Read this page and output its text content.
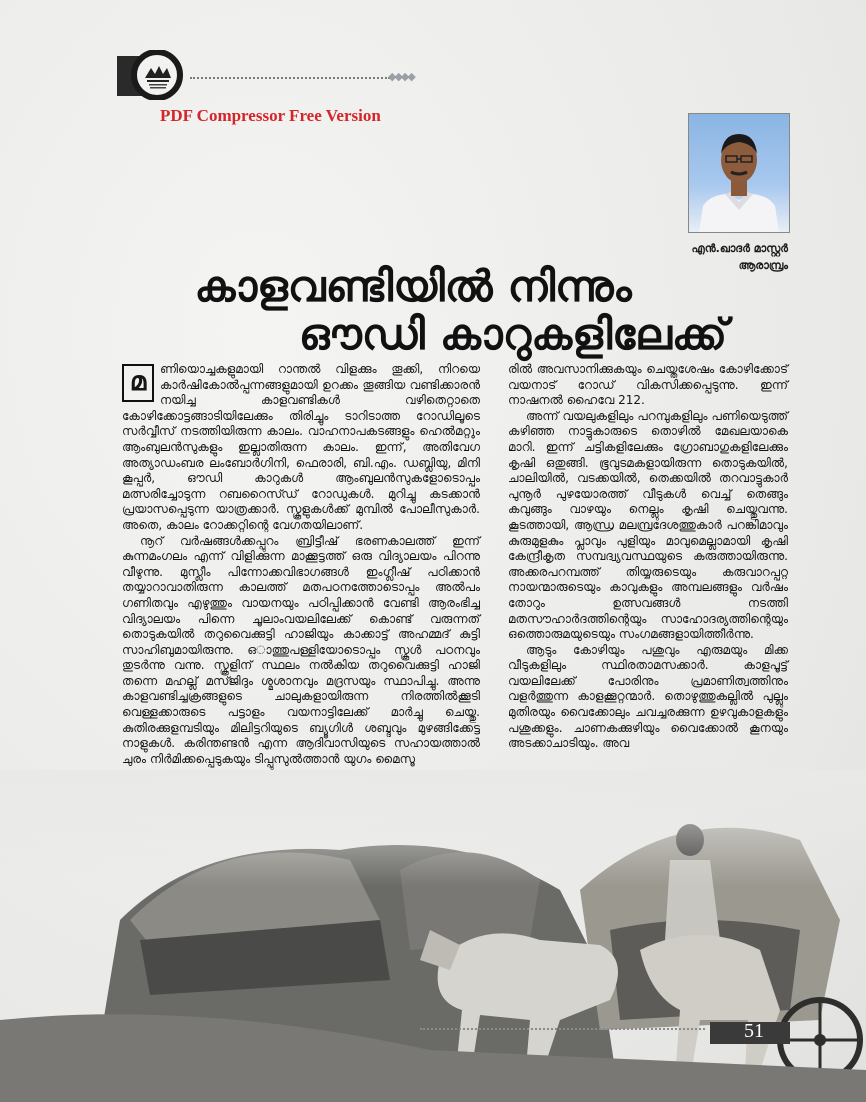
◆◆◆◆
PDF Compressor Free Version
എൻ.ഖാദർ മാസ്റ്റർ
ആരാമ്പ്രം
കാളവണ്ടിയിൽ നിന്നും
ഔഡി കാറുകളിലേക്ക്
മ	ണിയൊച്ചകളുമായി റാന്തൽ വിളക്കും തൂക്കി, നിറയെ കാർഷികോൽപ്പന്നങ്ങളുമായി ഉറക്കം തൂങ്ങിയ വണ്ടിക്കാരൻ നയിച്ച കാളവണ്ടികൾ വഴിതെറ്റാതെ കോഴിക്കോട്ടങ്ങാടിയിലേക്കും തിരിച്ചും ടാറിടാത്ത റോഡിലൂടെ സർവ്വീസ് നടത്തിയിരുന്ന കാലം. വാഹനാപകടങ്ങളും ഹെൽമറ്റും ആംബുലൻസുകളും ഇല്ലാതിരുന്ന കാലം. ഇന്ന്, അതിവേഗ അത്യാഡംബര ലംബോർഗിനി, ഫെരാരി, ബി.എം. ഡബ്ലിയു, മിനി കൂപ്പർ, ഔഡി കാറുകൾ ആംബുലൻസുകളോടൊപ്പം മത്സരിച്ചോടുന്ന റബറൈസ്ഡ് റോഡുകൾ. മുറിച്ചു കടക്കാൻ പ്രയാസപ്പെടുന്ന യാത്രക്കാർ. സ്കൂളുകൾക്ക് മുമ്പിൽ പോലീസുകാർ. അതെ, കാലം റോക്കറ്റിന്റെ വേഗതയിലാണ്.

നൂറ് വർഷങ്ങൾക്കപ്പുറം ബ്രിട്ടീഷ് ഭരണകാലത്ത് ഇന്ന് കുന്നമംഗലം എന്ന് വിളിക്കുന്ന മാക്കൂട്ടത്ത് ഒരു വിദ്യാലയം പിറന്നു വീഴുന്നു. മുസ്ലീം പിന്നോക്കവിഭാഗങ്ങൾ ഇംഗ്ലീഷ് പഠിക്കാൻ തയ്യാറാവാതിരുന്ന കാലത്ത് മതപഠനത്തോടൊപ്പം അൽപം ഗണിതവും എഴുത്തും വായനയും പഠിപ്പിക്കാൻ വേണ്ടി ആരംഭിച്ച വിദ്യാലയം പിന്നെ ചൂലാംവയലിലേക്ക് കൊണ്ട് വരുന്നത് തൊടുകയിൽ തറുവൈക്കുട്ടി ഹാജിയും കാക്കാട്ട് അഹമ്മദ് കുട്ടി സാഹിബുമായിരുന്നു. ഒാത്തുപള്ളിയോടൊപ്പം സ്കൂൾ പഠനവും തുടർന്നു വന്നു. സ്കൂളിന് സ്ഥലം നൽകിയ തറുവൈക്കുട്ടി ഹാജി തന്നെ മഹല്ല് മസ്ജിദും ശ്മശാനവും മദ്രസയും സ്ഥാപിച്ചു. അന്നു കാളവണ്ടിച്ചക്രങ്ങളുടെ ചാലുകളായിരുന്ന നിരത്തിൽക്കൂടി വെള്ളക്കാരുടെ പട്ടാളം വയനാട്ടിലേക്ക് മാർച്ചു ചെയ്തു. കുതിരക്കുളമ്പടിയും മിലിട്ടറിയുടെ ബ്യൂഗിൾ ശബ്ദവും മുഴങ്ങിക്കേട്ട നാളുകൾ. കരിന്തണ്ടൻ എന്ന ആദിവാസിയുടെ സഹായത്താൽ ചുരം നിർമിക്കപ്പെടുകയും ടിപ്പുസുൽത്താൻ യുഗം മൈസൂ

രിൽ അവസാനിക്കുകയും ചെയ്തശേഷം കോഴിക്കോട് വയനാട് റോഡ് വികസിക്കപ്പെടുന്നു. ഇന്ന് നാഷനൽ ഹൈവേ 212.

അന്ന് വയലുകളിലും പറമ്പുകളിലും പണിയെടുത്ത് കഴിഞ്ഞ നാട്ടുകാരുടെ തൊഴിൽ മേഖലയാകെ മാറി. ഇന്ന് ചട്ടികളിലേക്കും ഗ്രോബാഗുകളിലേക്കും കൃഷി ഒതുങ്ങി. ഭൂവുടമകളായിരുന്ന തൊടുകയിൽ, ചാലിയിൽ, വടക്കയിൽ, തെക്കയിൽ തറവാട്ടുകാർ പുനൂർ പുഴയോരത്ത് വീടുകൾ വെച്ച് തെങ്ങും കവുങ്ങും വാഴയും നെല്ലും കൃഷി ചെയ്തുവന്നു. കൂടത്തായി, ആന്ധ്ര മലമ്പ്രദേശത്തുകാർ പറങ്കിമാവും കുരുമുളകും പ്ലാവും പുളിയും മാവുമെല്ലാമായി കൃഷി കേന്ദ്രീകൃത സമ്പദ്വ്യവസ്ഥയുടെ കരുത്തായിരുന്നു. അക്കരപറമ്പത്ത് തിയ്യരുടെയും കരുവാറപ്പറ്റ നായന്മാരുടെയും കാവുകളും അമ്പലങ്ങളും വർഷം തോറും ഉത്സവങ്ങൾ നടത്തി മതസൗഹാർദത്തിന്റെയും സാഹോദര്യത്തിന്റെയും ഒത്തൊരുമയുടെയും സംഗമങ്ങളായിത്തീർന്നു.

ആടും കോഴിയും പശുവും എരുമയും മിക്ക വീടുകളിലും സ്ഥിരതാമസക്കാർ. കാളപൂട്ട് വയലിലേക്ക് പോരിനും പ്രമാണിത്വത്തിനും വളർത്തുന്ന കാളക്കൂറ്റന്മാർ. തൊഴുത്തുകല്ലിൽ പുല്ലും മുതിരയും വൈക്കോലും ചവച്ചരക്കുന്ന ഉഴവുകാളകളും പശുക്കളും. ചാണകക്കുഴിയും വൈക്കോൽ കൂനയും അടക്കാചാടിയും. അവ

51
